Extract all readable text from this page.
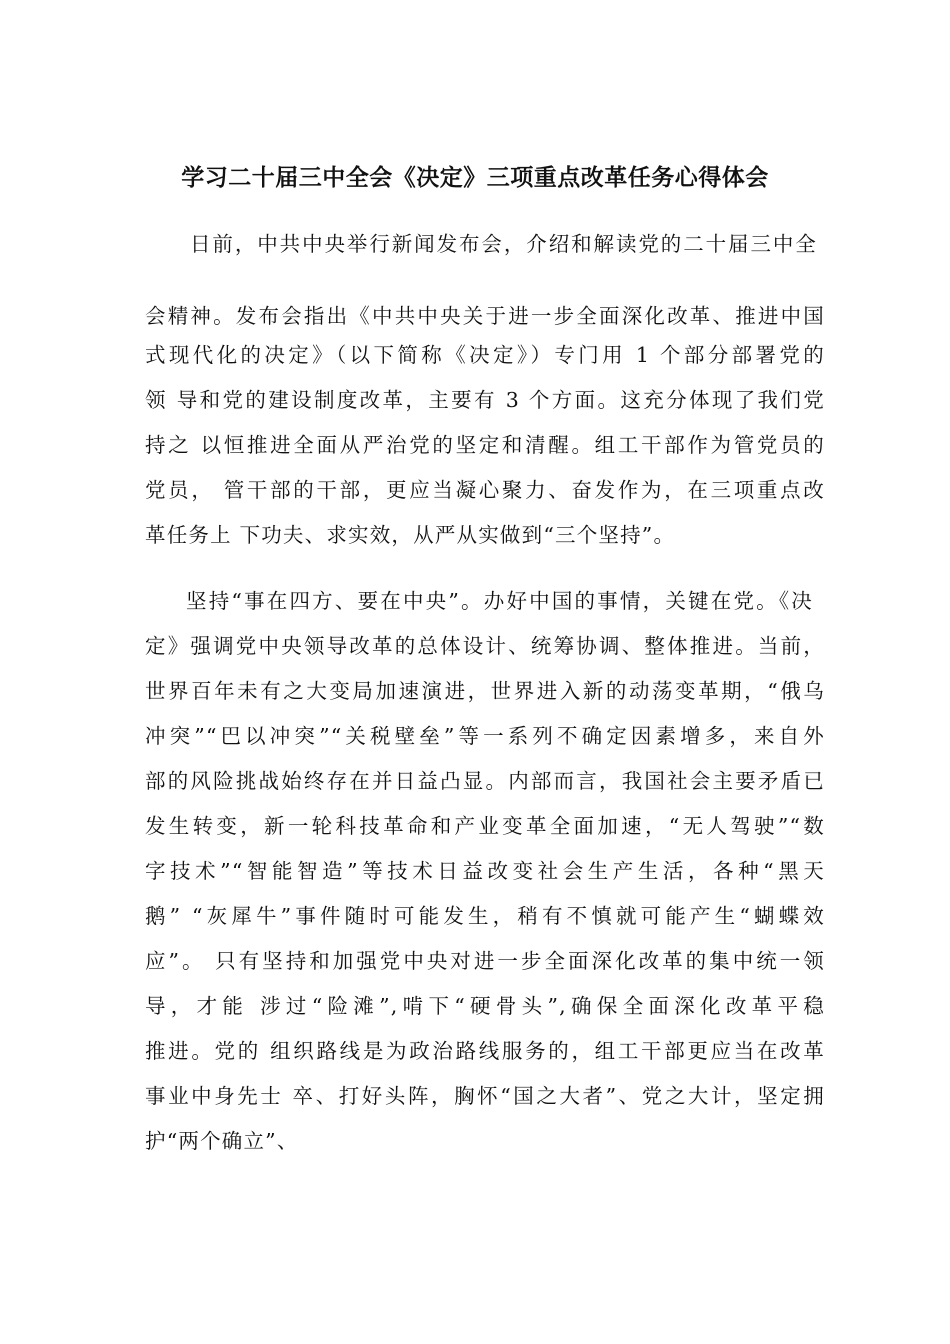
学习二十届三中全会《决定》三项重点改革任务心得体会
日前，中共中央举行新闻发布会，介绍和解读党的二十届三中全
会精神。发布会指出《中共中央关于进一步全面深化改革、推进中国
式现代化的决定》（以下简称《决定》）专门用 1 个部分部署党的
领 导和党的建设制度改革，主要有 3 个方面。这充分体现了我们党
持之 以恒推进全面从严治党的坚定和清醒。组工干部作为管党员的
党员， 管干部的干部，更应当凝心聚力、奋发作为，在三项重点改
革任务上 下功夫、求实效，从严从实做到“三个坚持”。
坚持“事在四方、要在中央”。办好中国的事情，关键在党。《决
定》强调党中央领导改革的总体设计、统筹协调、整体推进。当前，
世界百年未有之大变局加速演进，世界进入新的动荡变革期，“俄乌
冲突”“巴以冲突”“关税壁垒”等一系列不确定因素增多，来自外
部的风险挑战始终存在并日益凸显。内部而言，我国社会主要矛盾已
发生转变，新一轮科技革命和产业变革全面加速，“无人驾驶”“数
字技术”“智能智造”等技术日益改变社会生产生活，各种“黑天
鹅” “灰犀牛”事件随时可能发生，稍有不慎就可能产生“蝴蝶效
应”。 只有坚持和加强党中央对进一步全面深化改革的集中统一领
导，才能 涉过“险滩”,啃下“硬骨头”,确保全面深化改革平稳
推进。党的 组织路线是为政治路线服务的，组工干部更应当在改革
事业中身先士 卒、打好头阵，胸怀“国之大者”、党之大计，坚定拥
护“两个确立”、
